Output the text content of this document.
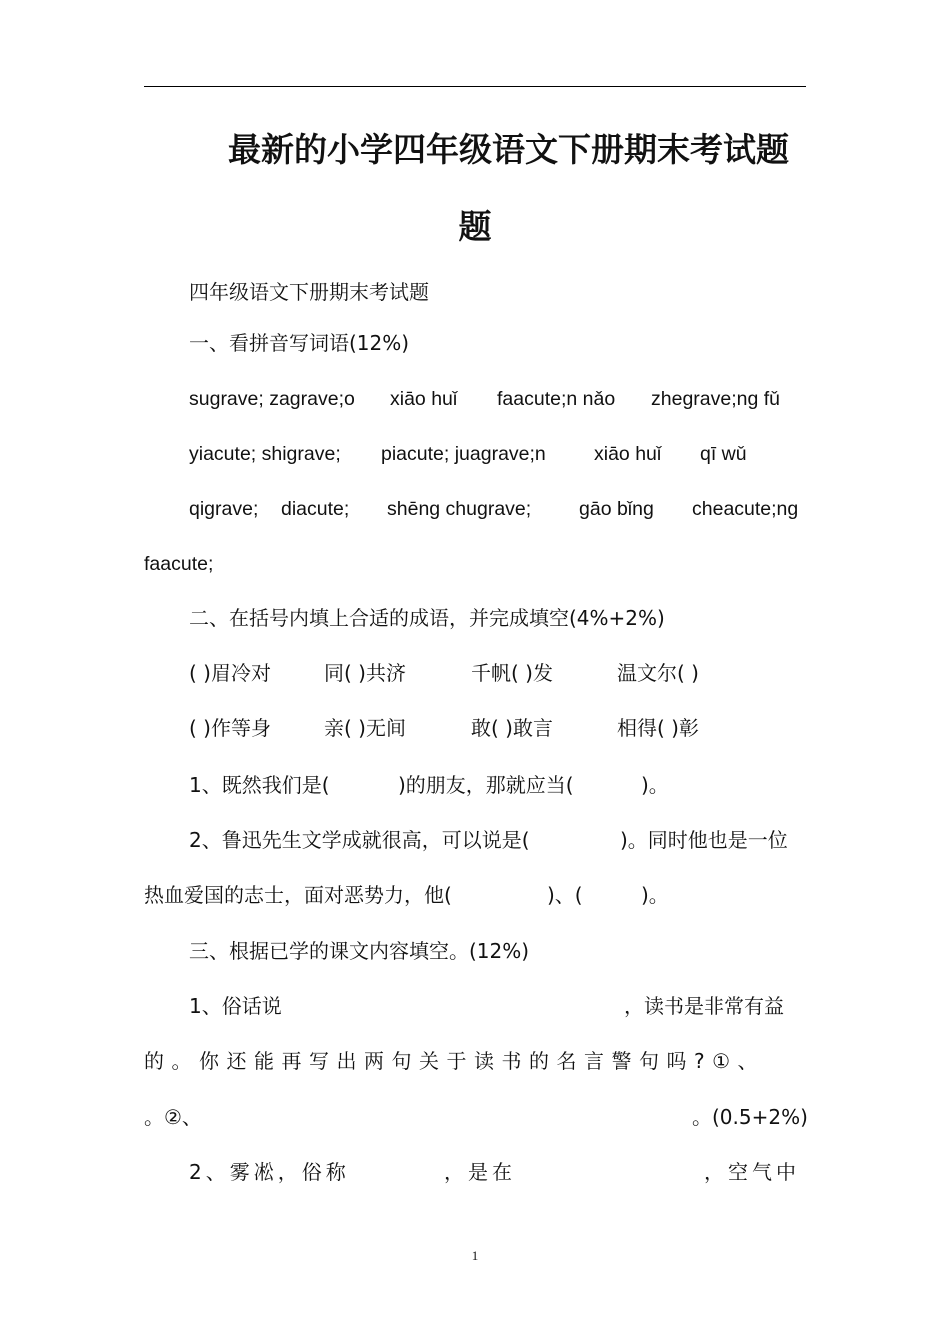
最新的小学四年级语文下册期末考试题
题
四年级语文下册期末考试题
一、看拼音写词语(12%)
sugrave; zagrave;o xiāo huǐ faacute;n nǎo zhegrave;ng fǔ
yiacute; shigrave; piacute; juagrave;n xiāo huǐ qī wǔ
qigrave; diacute; shēng chugrave; gāo bǐng cheacute;ng
faacute;
二、在括号内填上合适的成语，并完成填空(4%+2%)
( )眉冷对	同( )共济	千帆( )发	温文尔( )
( )作等身	亲( )无间	敢( )敢言	相得( )彰
1、既然我们是(	)的朋友，那就应当(	)。
2、鲁迅先生文学成就很高，可以说是(	)。同时他也是一位
热血爱国的志士，面对恶势力，他(	)、(	)。
三、根据已学的课文内容填空。(12%)
1、俗话说	，读书是非常有益
的。你还能再写出两句关于读书的名言警句吗?①、
。②、	。(0.5+2%)
2、雾凇，俗称	，是在	，空气中
1
